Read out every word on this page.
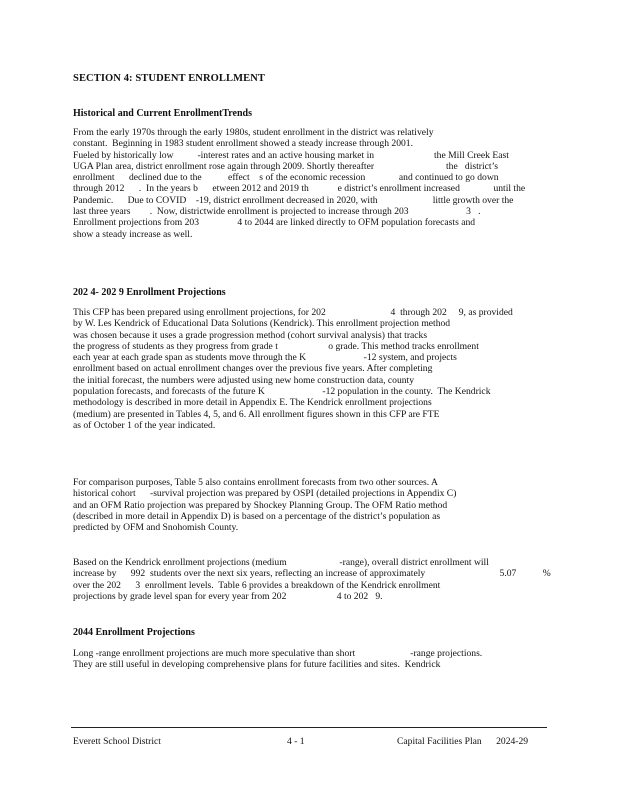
SECTION 4: STUDENT ENROLLMENT
Historical and Current EnrollmentTrends
From the early 1970s through the early 1980s, student enrollment in the district was relatively
constant.  Beginning in 1983 student enrollment showed a steady increase through 2001.
Fueled by historically low          -interest rates and an active housing market in                         the Mill Creek East
UGA Plan area, district enrollment rose again through 2009. Shortly thereafter                              the   district’s
enrollment      declined due to the           effect    s of the economic recession              and continued to go down
through 2012      .  In the years b      etween 2012 and 2019 th            e district’s enrollment increased              until the
Pandemic.      Due to COVID    -19, district enrollment decreased in 2020, with                       little growth over the
last three years        .  Now, districtwide enrollment is projected to increase through 203                        3   .
Enrollment projections from 203                4 to 2044 are linked directly to OFM population forecasts and
show a steady increase as well.
202 4- 202 9 Enrollment Projections
This CFP has been prepared using enrollment projections, for 202                           4  through 202     9, as provided
by W. Les Kendrick of Educational Data Solutions (Kendrick). This enrollment projection method
was chosen because it uses a grade progression method (cohort survival analysis) that tracks
the progress of students as they progress from grade t                     o grade. This method tracks enrollment
each year at each grade span as students move through the K                        -12 system, and projects
enrollment based on actual enrollment changes over the previous five years. After completing
the initial forecast, the numbers were adjusted using new home construction data, county
population forecasts, and forecasts of the future K                        -12 population in the county.  The Kendrick
methodology is described in more detail in Appendix E. The Kendrick enrollment projections
(medium) are presented in Tables 4, 5, and 6. All enrollment figures shown in this CFP are FTE
as of October 1 of the year indicated.
For comparison purposes, Table 5 also contains enrollment forecasts from two other sources. A
historical cohort      -survival projection was prepared by OSPI (detailed projections in Appendix C)
and an OFM Ratio projection was prepared by Shockey Planning Group. The OFM Ratio method
(described in more detail in Appendix D) is based on a percentage of the district’s population as
predicted by OFM and Snohomish County.
Based on the Kendrick enrollment projections (medium                      -range), overall district enrollment will
increase by      992  students over the next six years, reflecting an increase of approximately                               5.07           %
over the 202      3  enrollment levels.  Table 6 provides a breakdown of the Kendrick enrollment
projections by grade level span for every year from 202                     4 to 202   9.
2044 Enrollment Projections
Long -range enrollment projections are much more speculative than short                       -range projections.
They are still useful in developing comprehensive plans for future facilities and sites.  Kendrick
Everett School District	4 - 1	Capital Facilities Plan      2024-29
